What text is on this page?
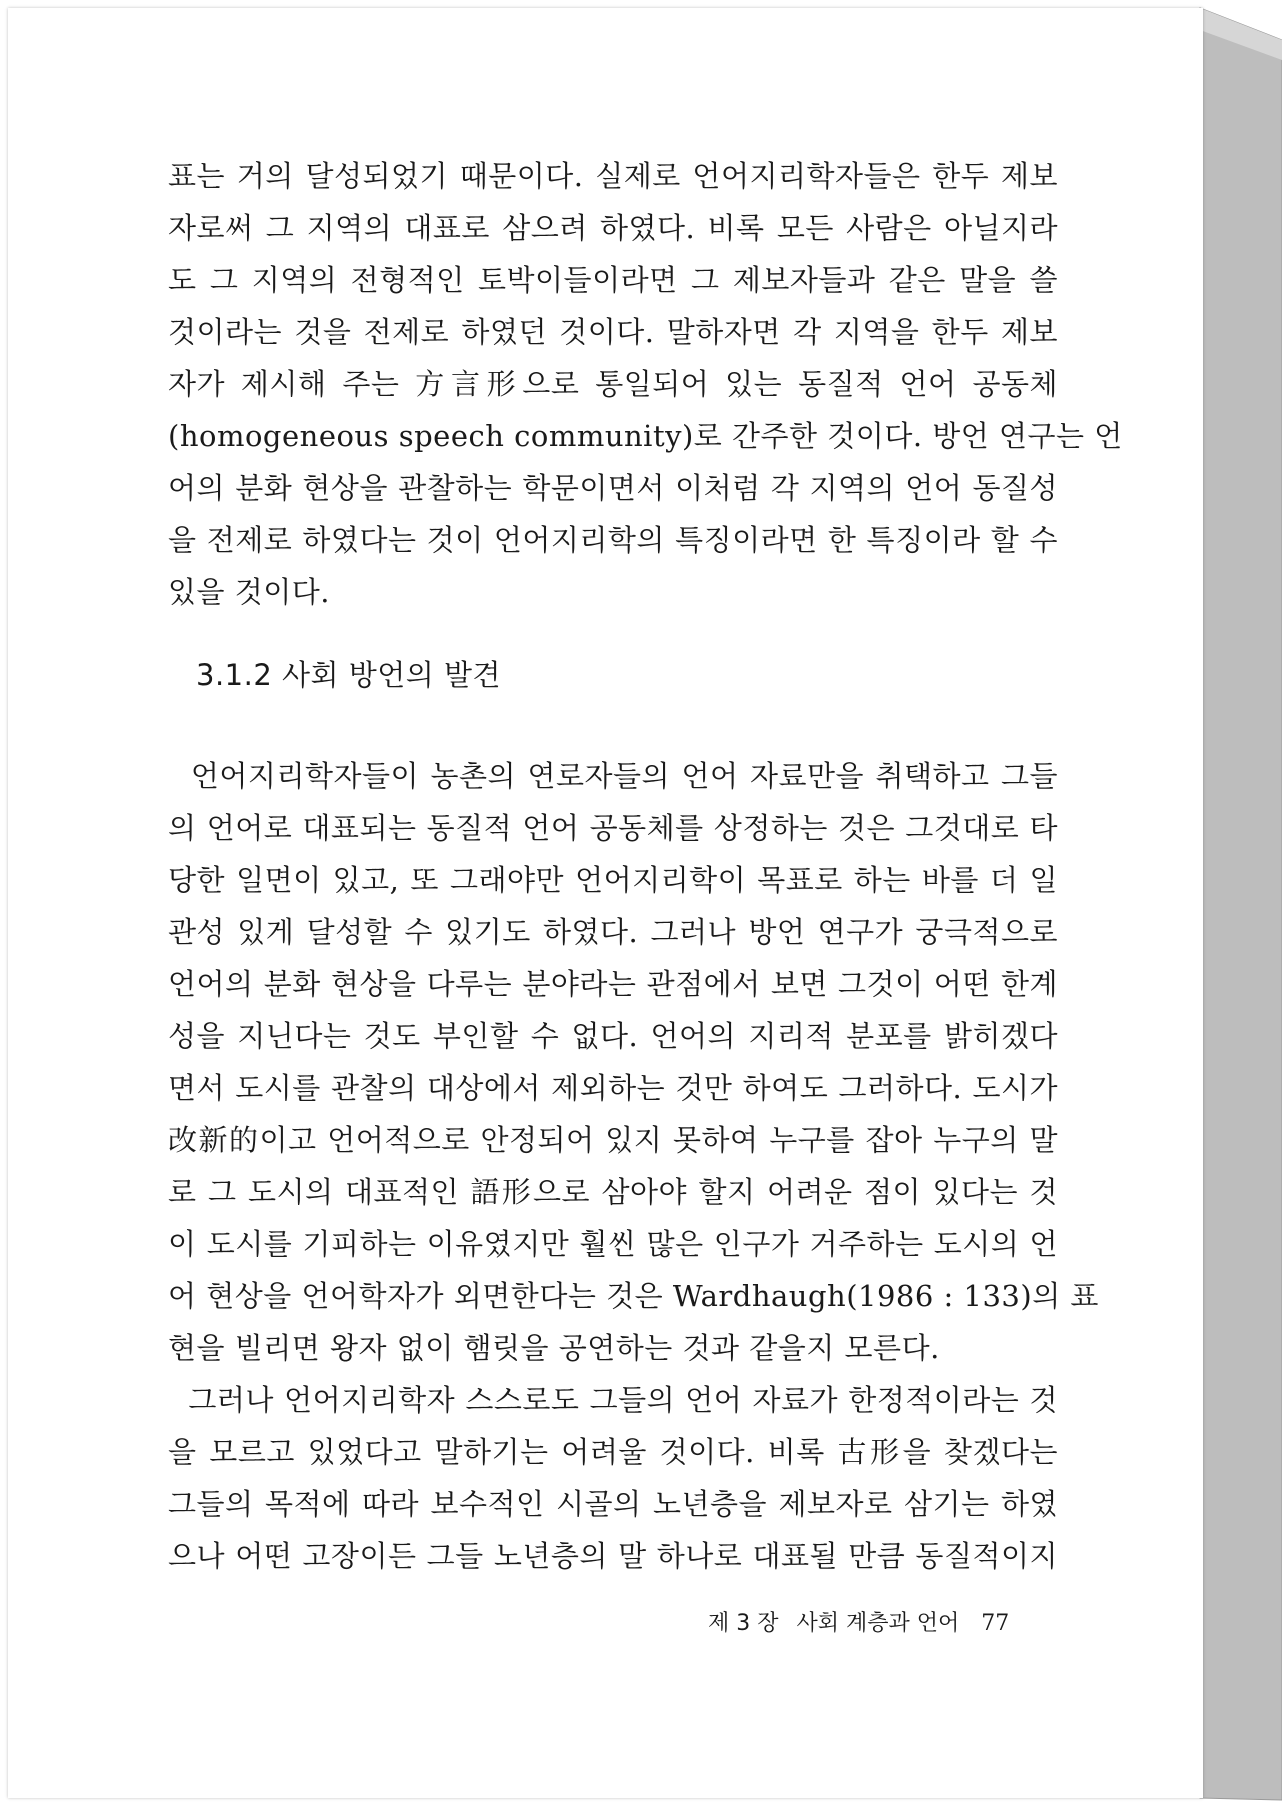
표는 거의 달성되었기 때문이다. 실제로 언어지리학자들은 한두 제보
자로써 그 지역의 대표로 삼으려 하였다. 비록 모든 사람은 아닐지라
도 그 지역의 전형적인 토박이들이라면 그 제보자들과 같은 말을 쓸
것이라는 것을 전제로 하였던 것이다. 말하자면 각 지역을 한두 제보
자가 제시해 주는 方言形으로 통일되어 있는 동질적 언어 공동체
(homogeneous speech community)로 간주한 것이다. 방언 연구는 언
어의 분화 현상을 관찰하는 학문이면서 이처럼 각 지역의 언어 동질성
을 전제로 하였다는 것이 언어지리학의 특징이라면 한 특징이라 할 수
있을 것이다.
3.1.2 사회 방언의 발견
언어지리학자들이 농촌의 연로자들의 언어 자료만을 취택하고 그들
의 언어로 대표되는 동질적 언어 공동체를 상정하는 것은 그것대로 타
당한 일면이 있고, 또 그래야만 언어지리학이 목표로 하는 바를 더 일
관성 있게 달성할 수 있기도 하였다. 그러나 방언 연구가 궁극적으로
언어의 분화 현상을 다루는 분야라는 관점에서 보면 그것이 어떤 한계
성을 지닌다는 것도 부인할 수 없다. 언어의 지리적 분포를 밝히겠다
면서 도시를 관찰의 대상에서 제외하는 것만 하여도 그러하다. 도시가
改新的이고 언어적으로 안정되어 있지 못하여 누구를 잡아 누구의 말
로 그 도시의 대표적인 語形으로 삼아야 할지 어려운 점이 있다는 것
이 도시를 기피하는 이유였지만 훨씬 많은 인구가 거주하는 도시의 언
어 현상을 언어학자가 외면한다는 것은 Wardhaugh(1986 : 133)의 표
현을 빌리면 왕자 없이 햄릿을 공연하는 것과 같을지 모른다.
그러나 언어지리학자 스스로도 그들의 언어 자료가 한정적이라는 것
을 모르고 있었다고 말하기는 어려울 것이다. 비록 古形을 찾겠다는
그들의 목적에 따라 보수적인 시골의 노년층을 제보자로 삼기는 하였
으나 어떤 고장이든 그들 노년층의 말 하나로 대표될 만큼 동질적이지
제 3 장 사회 계층과 언어 77
